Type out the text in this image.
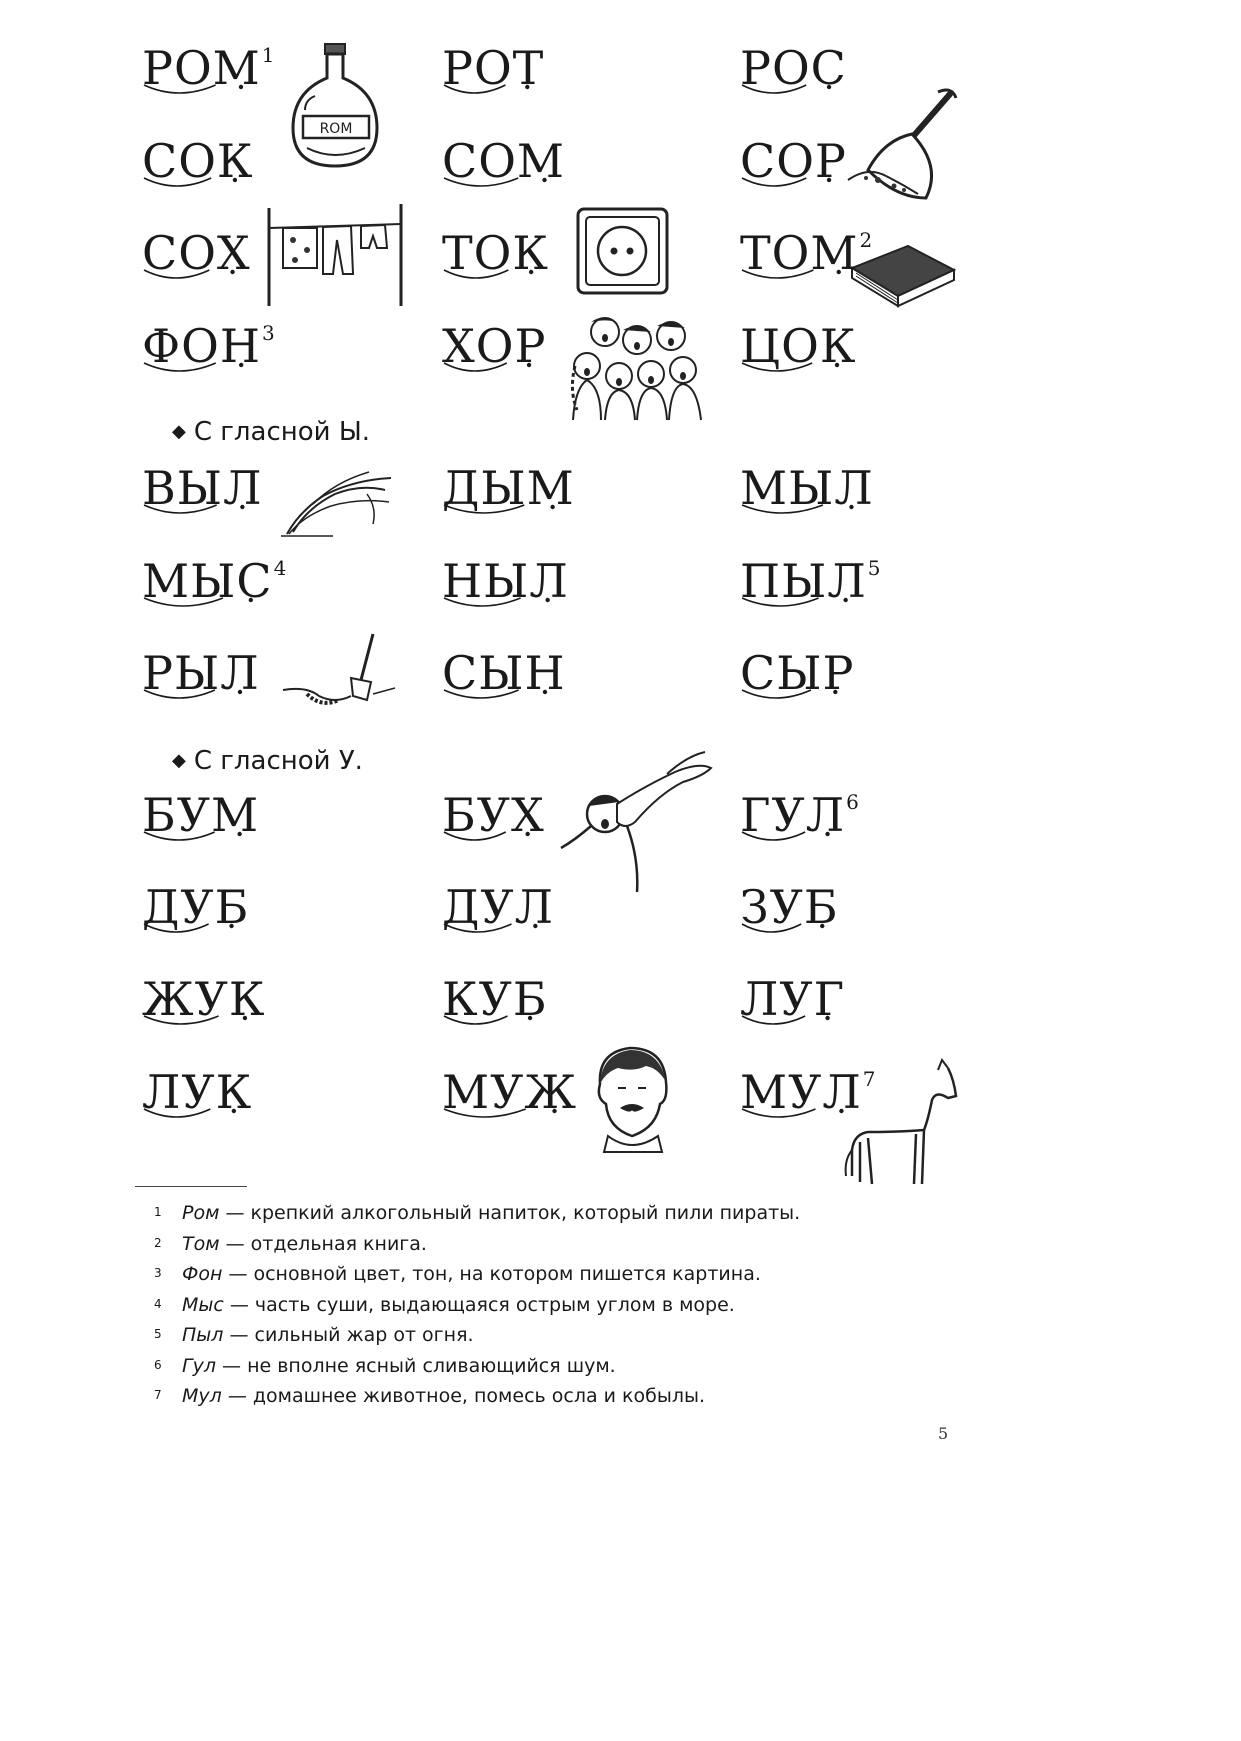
РОМ$^1$	РОТ	РОС
СОК	СОМ	СОР
СОХ	ТОК	ТОМ$^2$
ФОН$^3$	ХОР	ЦОК
◆ С гласной Ы.
ВЫЛ	ДЫМ	МЫЛ
МЫС$^4$	НЫЛ	ПЫЛ$^5$
РЫЛ	СЫН	СЫР
◆ С гласной У.
БУМ	БУХ	ГУЛ$^6$
ДУБ	ДУЛ	ЗУБ
ЖУК	КУБ	ЛУГ
ЛУК	МУЖ	МУЛ$^7$
ROM
1 Ром — крепкий алкогольный напиток, который пили пираты.
2 Том — отдельная книга.
3 Фон — основной цвет, тон, на котором пишется картина.
4 Мыс — часть суши, выдающаяся острым углом в море.
5 Пыл — сильный жар от огня.
6 Гул — не вполне ясный сливающийся шум.
7 Мул — домашнее животное, помесь осла и кобылы.
5
